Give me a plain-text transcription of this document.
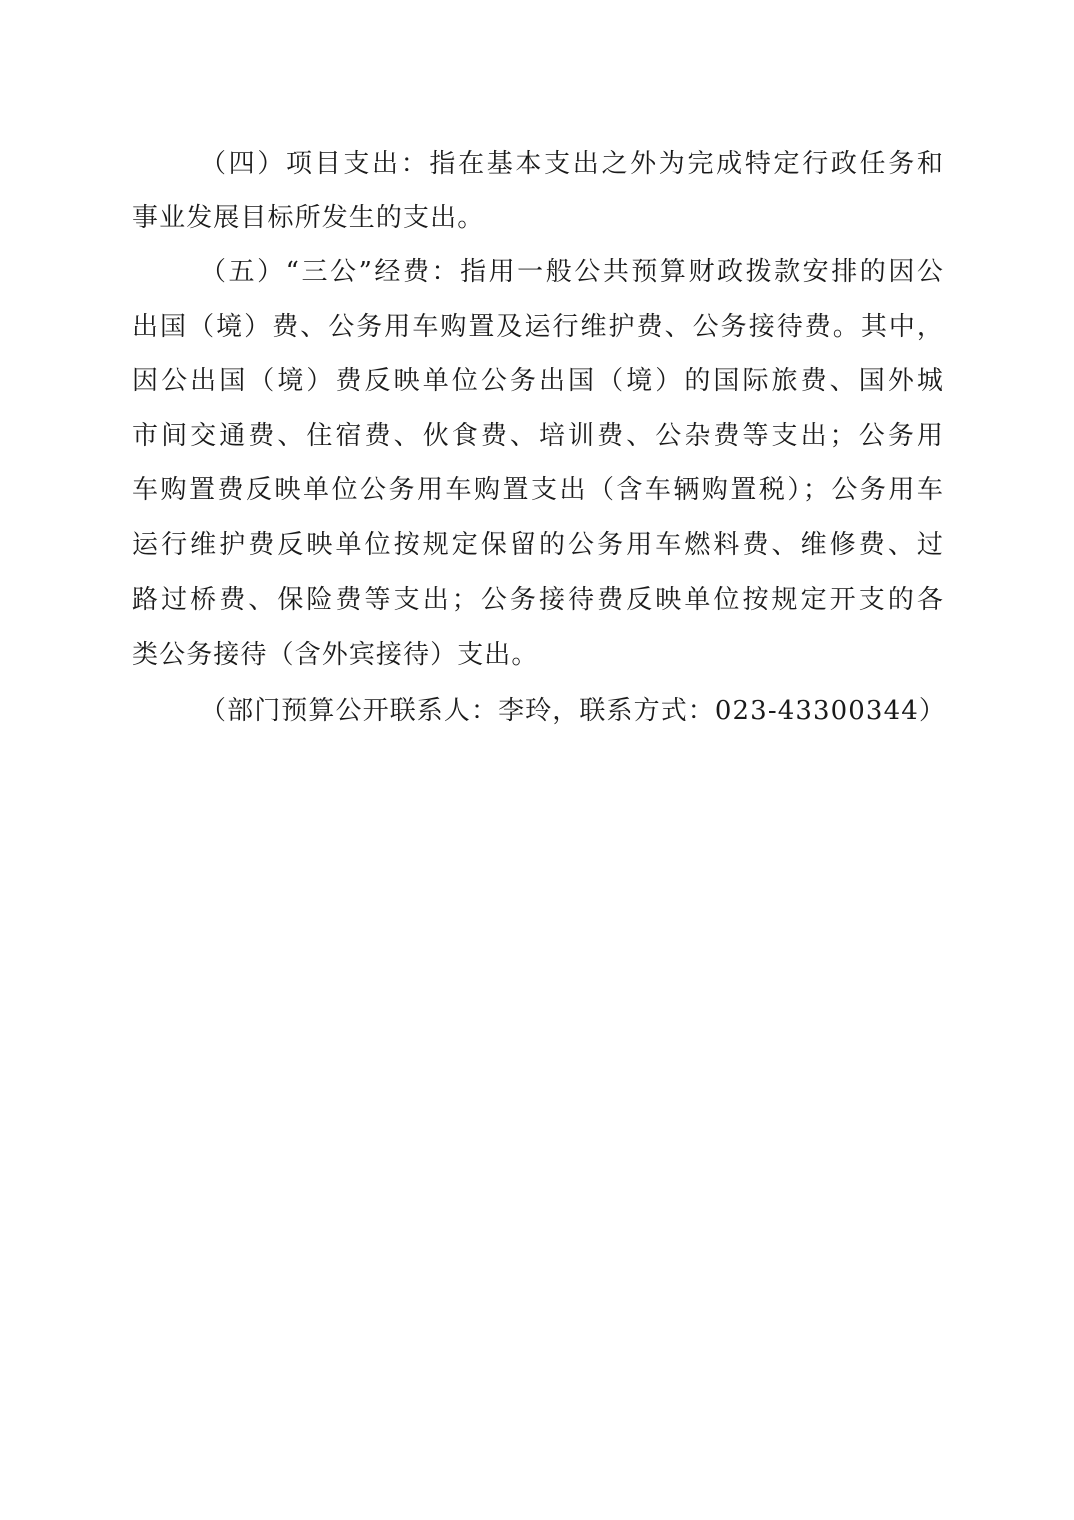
（四）项目支出：指在基本支出之外为完成特定行政任务和

事业发展目标所发生的支出。

（五）“三公”经费：指用一般公共预算财政拨款安排的因公

出国（境）费、公务用车购置及运行维护费、公务接待费。其中，

因公出国（境）费反映单位公务出国（境）的国际旅费、国外城

市间交通费、住宿费、伙食费、培训费、公杂费等支出；公务用

车购置费反映单位公务用车购置支出（含车辆购置税）；公务用车

运行维护费反映单位按规定保留的公务用车燃料费、维修费、过

路过桥费、保险费等支出；公务接待费反映单位按规定开支的各

类公务接待（含外宾接待）支出。

（部门预算公开联系人：李玲，联系方式：023-43300344）
